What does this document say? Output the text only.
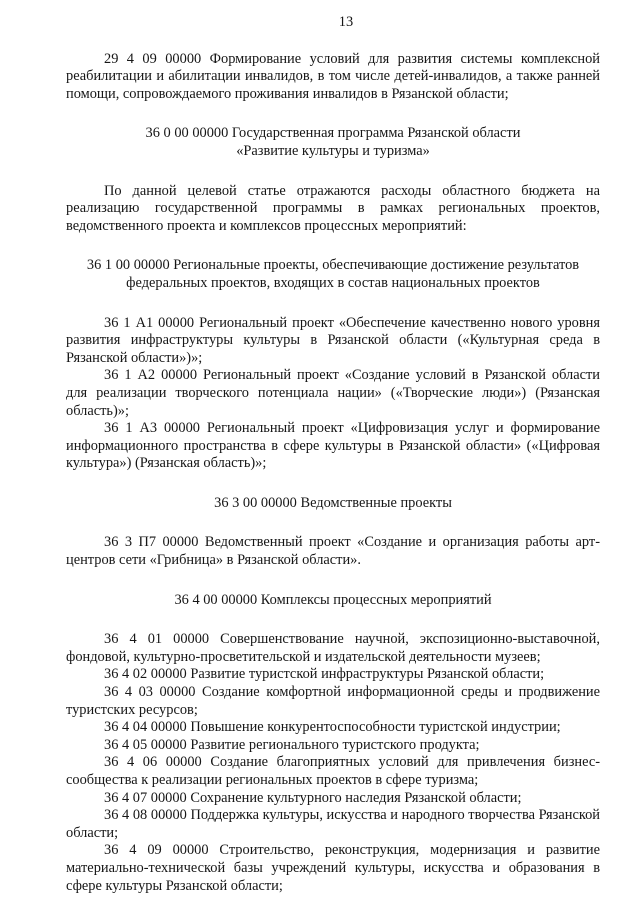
13

29 4 09 00000 Формирование условий для развития системы комплексной реабилитации и абилитации инвалидов, в том числе детей-инвалидов, а также ранней помощи, сопровождаемого проживания инвалидов в Рязанской области;

36 0 00 00000 Государственная программа Рязанской области
«Развитие культуры и туризма»

По данной целевой статье отражаются расходы областного бюджета на реализацию государственной программы в рамках региональных проектов, ведомственного проекта и комплексов процессных мероприятий:

36 1 00 00000 Региональные проекты, обеспечивающие достижение результатов
федеральных проектов, входящих в состав национальных проектов

36 1 А1 00000 Региональный проект «Обеспечение качественно нового уровня развития инфраструктуры культуры в Рязанской области («Культурная среда в Рязанской области»)»;

36 1 А2 00000 Региональный проект «Создание условий в Рязанской области для реализации творческого потенциала нации» («Творческие люди») (Рязанская область)»;

36 1 А3 00000 Региональный проект «Цифровизация услуг и формирование информационного пространства в сфере культуры в Рязанской области» («Цифровая культура») (Рязанская область)»;

36 3 00 00000 Ведомственные проекты

36 3 П7 00000 Ведомственный проект «Создание и организация работы арт-центров сети «Грибница» в Рязанской области».

36 4 00 00000 Комплексы процессных мероприятий

36 4 01 00000 Совершенствование научной, экспозиционно-выставочной, фондовой, культурно-просветительской и издательской деятельности музеев;

36 4 02 00000 Развитие туристской инфраструктуры Рязанской области;

36 4 03 00000 Создание комфортной информационной среды и продвижение туристских ресурсов;

36 4 04 00000 Повышение конкурентоспособности туристской индустрии;

36 4 05 00000 Развитие регионального туристского продукта;

36 4 06 00000 Создание благоприятных условий для привлечения бизнес-сообщества к реализации региональных проектов в сфере туризма;

36 4 07 00000 Сохранение культурного наследия Рязанской области;

36 4 08 00000 Поддержка культуры, искусства и народного творчества Рязанской области;

36 4 09 00000 Строительство, реконструкция, модернизация и развитие материально-технической базы учреждений культуры, искусства и образования в сфере культуры Рязанской области;
